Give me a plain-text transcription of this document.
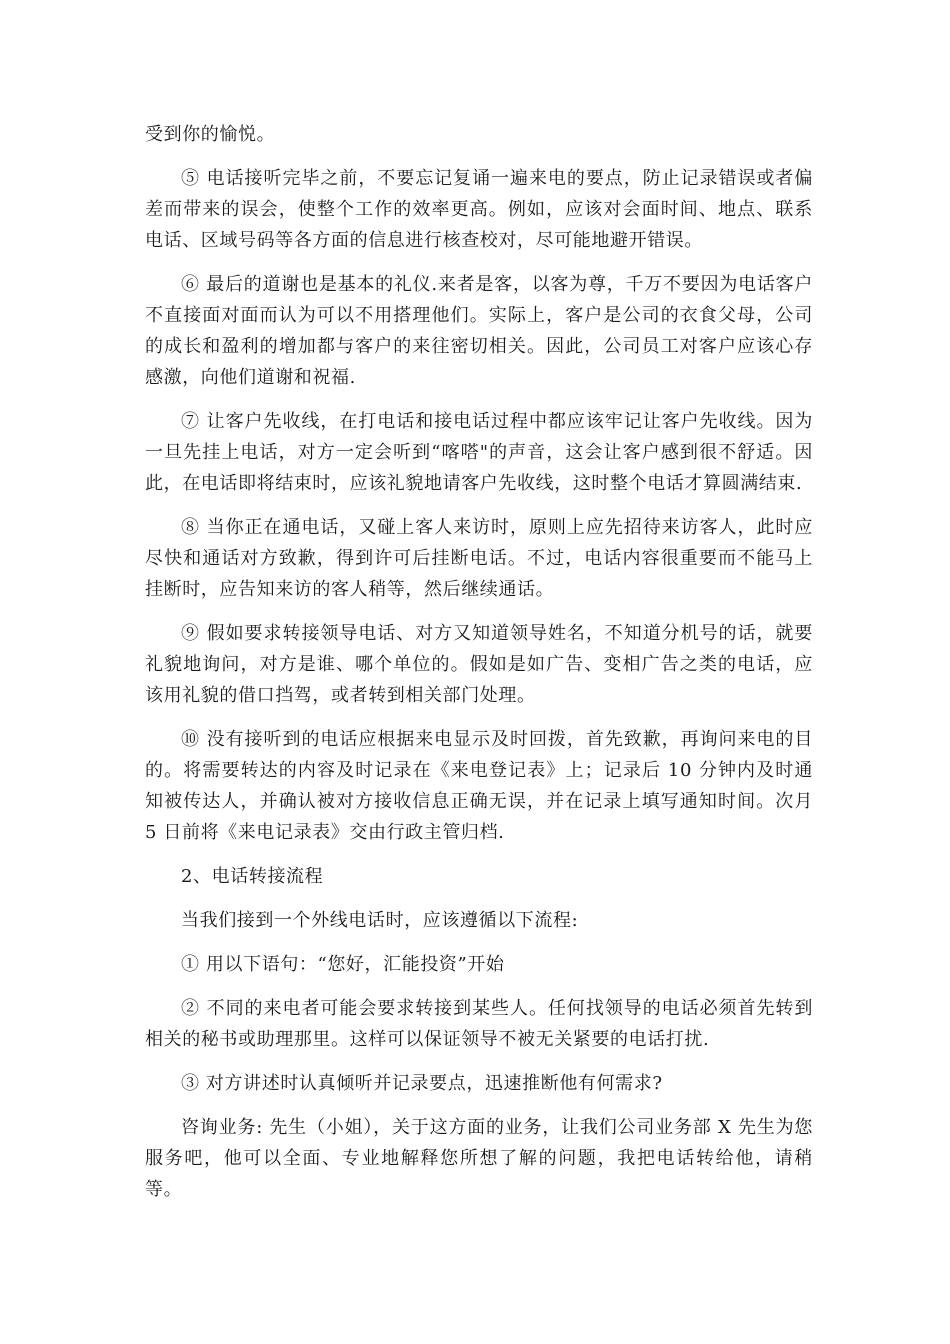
受到你的愉悦。

⑤ 电话接听完毕之前，不要忘记复诵一遍来电的要点，防止记录错误或者偏差而带来的误会，使整个工作的效率更高。例如，应该对会面时间、地点、联系电话、区域号码等各方面的信息进行核查校对，尽可能地避开错误。

⑥ 最后的道谢也是基本的礼仪.来者是客，以客为尊，千万不要因为电话客户不直接面对面而认为可以不用搭理他们。实际上，客户是公司的衣食父母，公司的成长和盈利的增加都与客户的来往密切相关。因此，公司员工对客户应该心存感激，向他们道谢和祝福.

⑦ 让客户先收线，在打电话和接电话过程中都应该牢记让客户先收线。因为一旦先挂上电话，对方一定会听到“喀嗒"的声音，这会让客户感到很不舒适。因此，在电话即将结束时，应该礼貌地请客户先收线，这时整个电话才算圆满结束.

⑧ 当你正在通电话，又碰上客人来访时，原则上应先招待来访客人，此时应尽快和通话对方致歉，得到许可后挂断电话。不过，电话内容很重要而不能马上挂断时，应告知来访的客人稍等，然后继续通话。

⑨ 假如要求转接领导电话、对方又知道领导姓名，不知道分机号的话，就要礼貌地询问，对方是谁、哪个单位的。假如是如广告、变相广告之类的电话，应该用礼貌的借口挡驾，或者转到相关部门处理。

⑩ 没有接听到的电话应根据来电显示及时回拨，首先致歉，再询问来电的目的。将需要转达的内容及时记录在《来电登记表》上；记录后 10 分钟内及时通知被传达人，并确认被对方接收信息正确无误，并在记录上填写通知时间。次月 5 日前将《来电记录表》交由行政主管归档.

2、电话转接流程

当我们接到一个外线电话时，应该遵循以下流程:

① 用以下语句：“您好，汇能投资”开始

② 不同的来电者可能会要求转接到某些人。任何找领导的电话必须首先转到相关的秘书或助理那里。这样可以保证领导不被无关紧要的电话打扰.

③ 对方讲述时认真倾听并记录要点，迅速推断他有何需求?

咨询业务: 先生（小姐），关于这方面的业务，让我们公司业务部 X 先生为您服务吧，他可以全面、专业地解释您所想了解的问题，我把电话转给他，请稍等。
